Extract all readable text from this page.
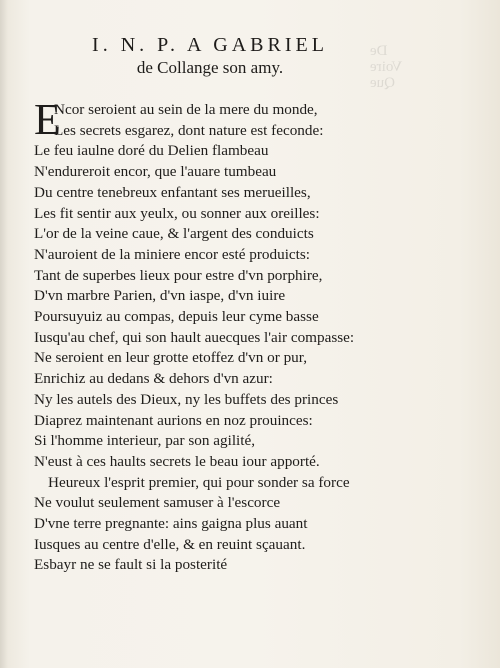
De
Voire
Que
I. N. P. A GABRIEL
de Collange son amy.
E
Ncor seroient au sein de la mere du monde,
Les secrets esgarez, dont nature est feconde:
Le feu iaulne doré du Delien flambeau
N'endureroit encor, que l'auare tumbeau
Du centre tenebreux enfantant ses merueilles,
Les fit sentir aux yeulx, ou sonner aux oreilles:
L'or de la veine caue, & l'argent des conduicts
N'auroient de la miniere encor esté produicts:
Tant de superbes lieux pour estre d'vn porphire,
D'vn marbre Parien, d'vn iaspe, d'vn iuire
Poursuyuiz au compas, depuis leur cyme basse
Iusqu'au chef, qui son hault auecques l'air compasse:
Ne seroient en leur grotte etoffez d'vn or pur,
Enrichiz au dedans & dehors d'vn azur:
Ny les autels des Dieux, ny les buffets des princes
Diaprez maintenant aurions en noz prouinces:
Si l'homme interieur, par son agilité,
N'eust à ces haults secrets le beau iour apporté.
Heureux l'esprit premier, qui pour sonder sa force
Ne voulut seulement samuser à l'escorce
D'vne terre pregnante: ains gaigna plus auant
Iusques au centre d'elle, & en reuint sçauant.
Esbayr ne se fault si la posterité
